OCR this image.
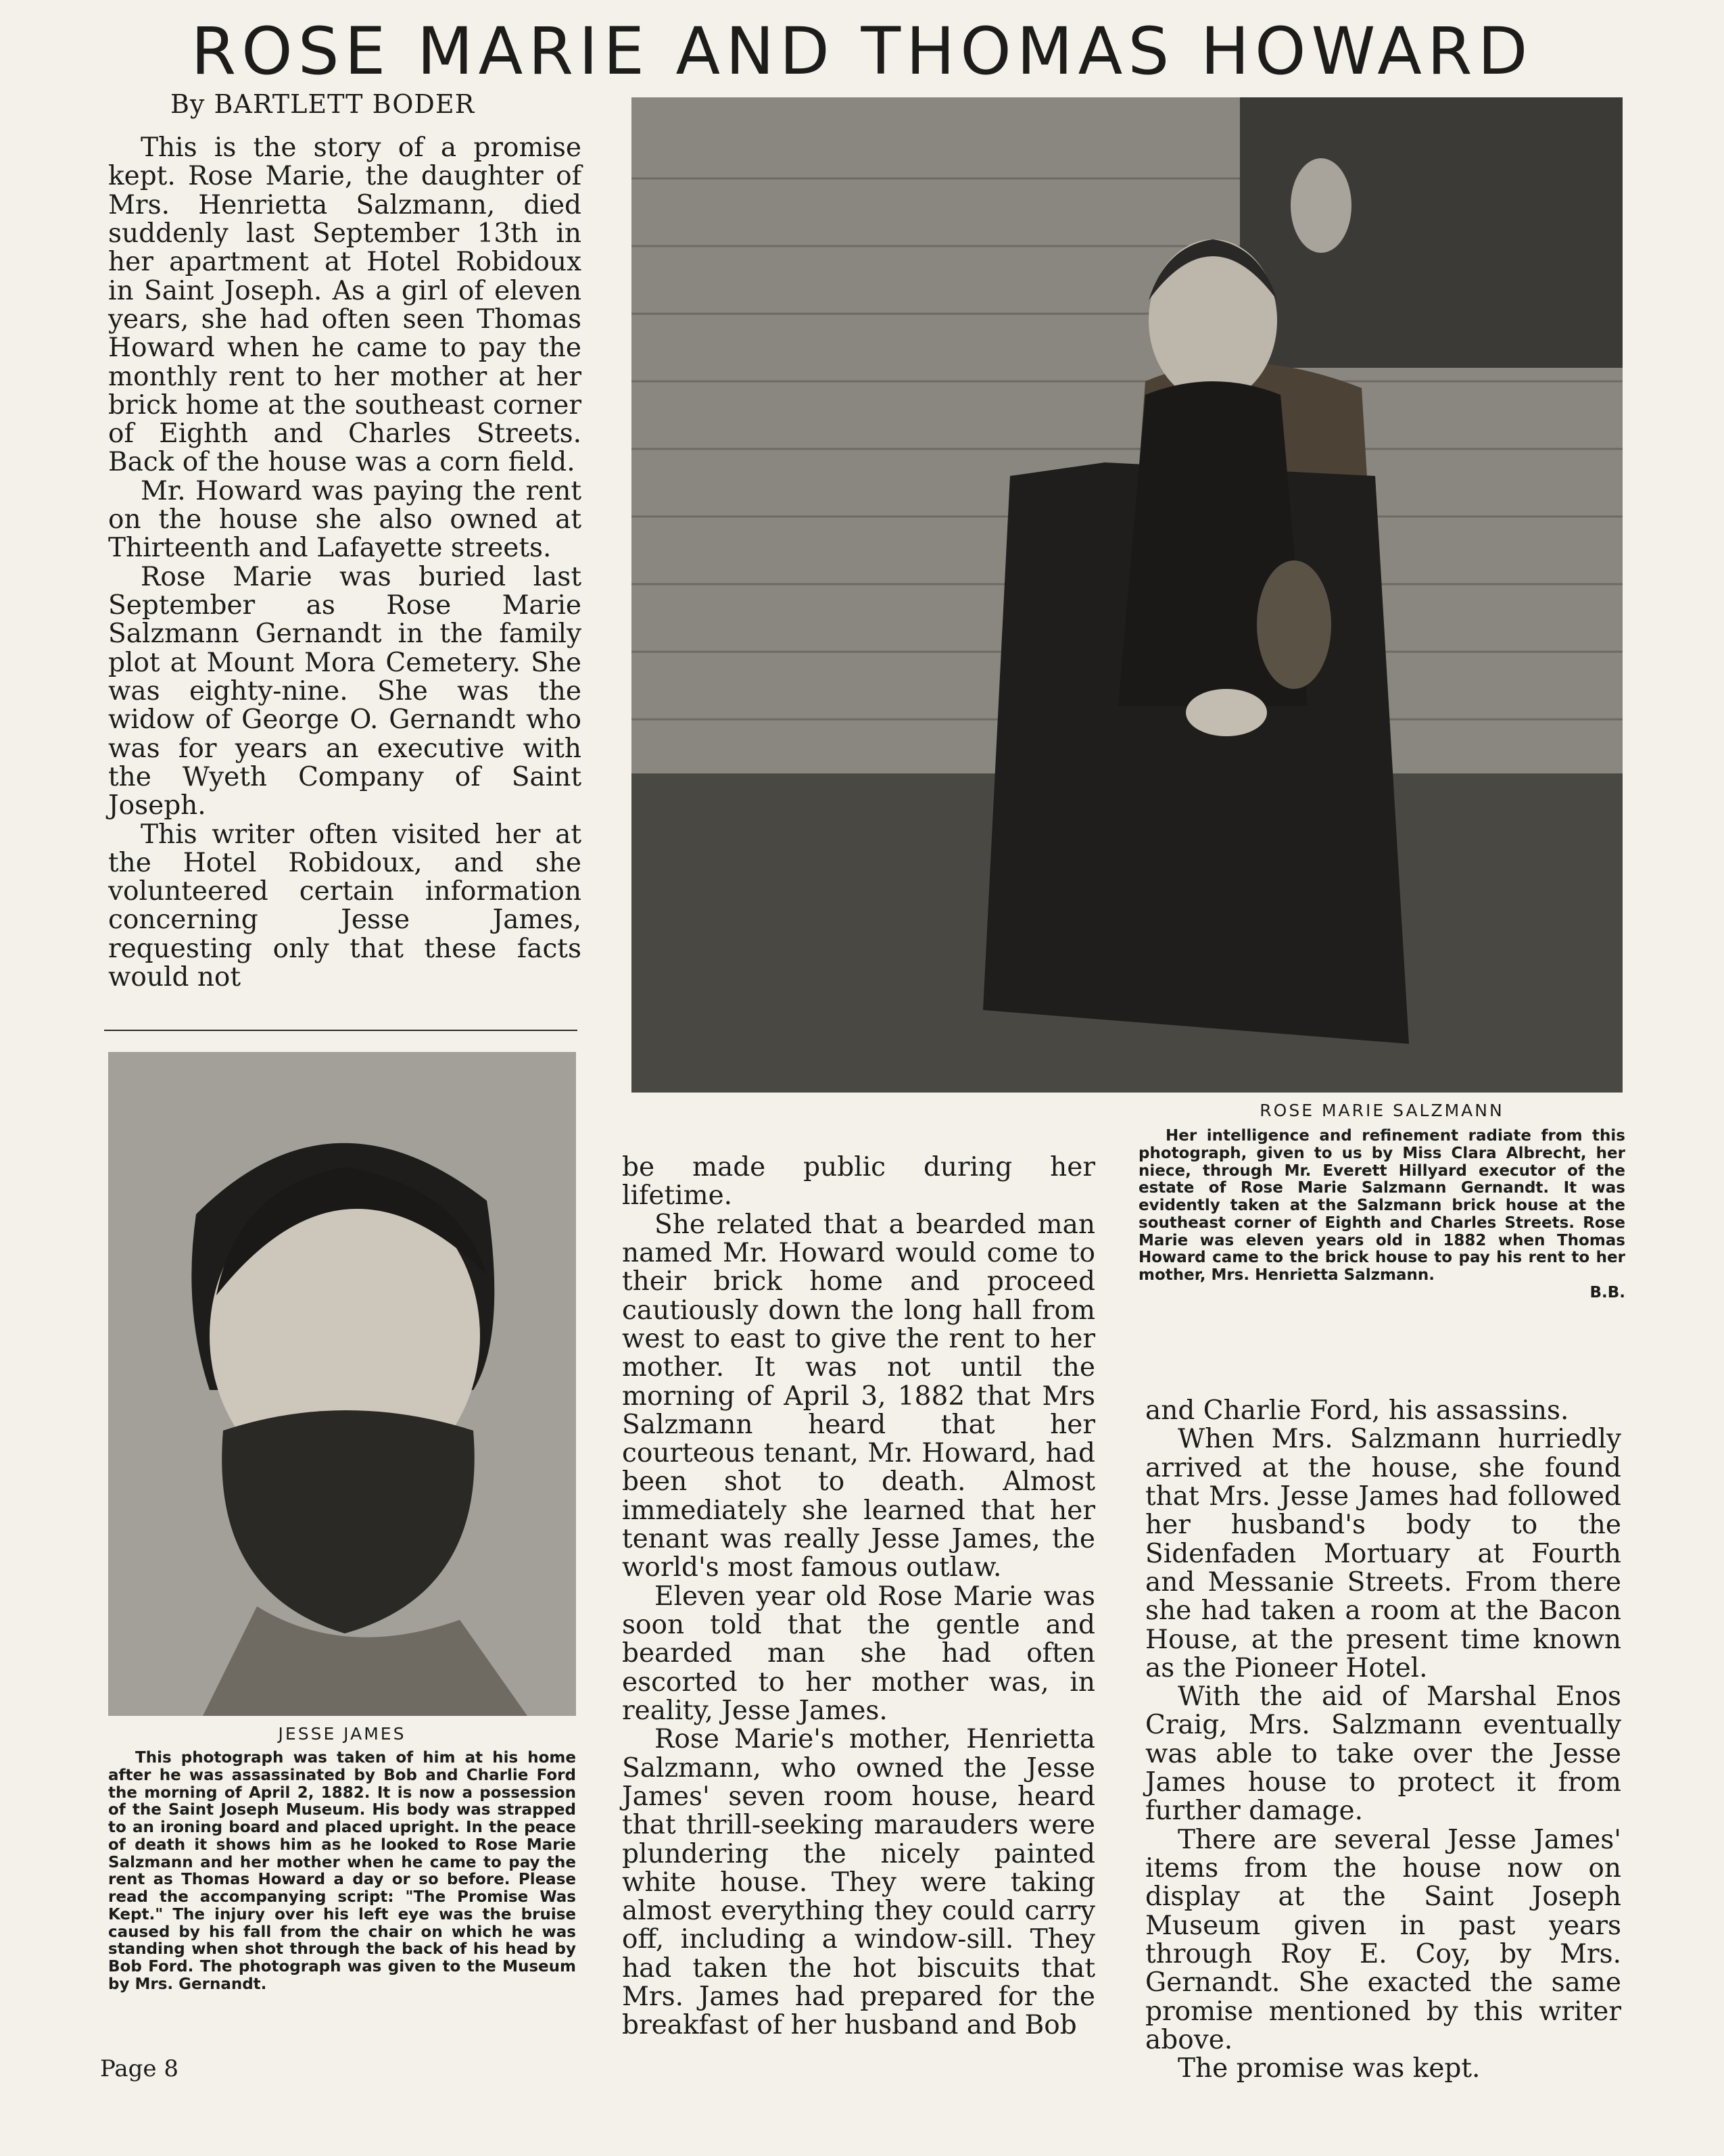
ROSE MARIE AND THOMAS HOWARD
By BARTLETT BODER

This is the story of a promise kept. Rose Marie, the daughter of Mrs. Henrietta Salzmann, died suddenly last September 13th in her apartment at Hotel Robidoux in Saint Joseph. As a girl of eleven years, she had often seen Thomas Howard when he came to pay the monthly rent to her mother at her brick home at the southeast corner of Eighth and Charles Streets. Back of the house was a corn field.

Mr. Howard was paying the rent on the house she also owned at Thirteenth and Lafayette streets.

Rose Marie was buried last September as Rose Marie Salzmann Gernandt in the family plot at Mount Mora Cemetery. She was eighty-nine. She was the widow of George O. Gernandt who was for years an executive with the Wyeth Company of Saint Joseph.

This writer often visited her at the Hotel Robidoux, and she volunteered certain information concerning Jesse James, requesting only that these facts would not

ROSE MARIE SALZMANN

Her intelligence and refinement radiate from this photograph, given to us by Miss Clara Albrecht, her niece, through Mr. Everett Hillyard executor of the estate of Rose Marie Salzmann Gernandt. It was evidently taken at the Salzmann brick house at the southeast corner of Eighth and Charles Streets. Rose Marie was eleven years old in 1882 when Thomas Howard came to the brick house to pay his rent to her mother, Mrs. Henrietta Salzmann.

B.B.
JESSE JAMES

This photograph was taken of him at his home after he was assassinated by Bob and Charlie Ford the morning of April 2, 1882. It is now a possession of the Saint Joseph Museum. His body was strapped to an ironing board and placed upright. In the peace of death it shows him as he looked to Rose Marie Salzmann and her mother when he came to pay the rent as Thomas Howard a day or so before. Please read the accompanying script: "The Promise Was Kept." The injury over his left eye was the bruise caused by his fall from the chair on which he was standing when shot through the back of his head by Bob Ford. The photograph was given to the Museum by Mrs. Gernandt.

be made public during her lifetime.

She related that a bearded man named Mr. Howard would come to their brick home and proceed cautiously down the long hall from west to east to give the rent to her mother. It was not until the morning of April 3, 1882 that Mrs Salzmann heard that her courteous tenant, Mr. Howard, had been shot to death. Almost immediately she learned that her tenant was really Jesse James, the world's most famous outlaw.

Eleven year old Rose Marie was soon told that the gentle and bearded man she had often escorted to her mother was, in reality, Jesse James.

Rose Marie's mother, Henrietta Salzmann, who owned the Jesse James' seven room house, heard that thrill-seeking marauders were plundering the nicely painted white house. They were taking almost everything they could carry off, including a window-sill. They had taken the hot biscuits that Mrs. James had prepared for the breakfast of her husband and Bob

and Charlie Ford, his assassins.

When Mrs. Salzmann hurriedly arrived at the house, she found that Mrs. Jesse James had followed her husband's body to the Sidenfaden Mortuary at Fourth and Messanie Streets. From there she had taken a room at the Bacon House, at the present time known as the Pioneer Hotel.

With the aid of Marshal Enos Craig, Mrs. Salzmann eventually was able to take over the Jesse James house to protect it from further damage.

There are several Jesse James' items from the house now on display at the Saint Joseph Museum given in past years through Roy E. Coy, by Mrs. Gernandt. She exacted the same promise mentioned by this writer above.

The promise was kept.

Page 8
